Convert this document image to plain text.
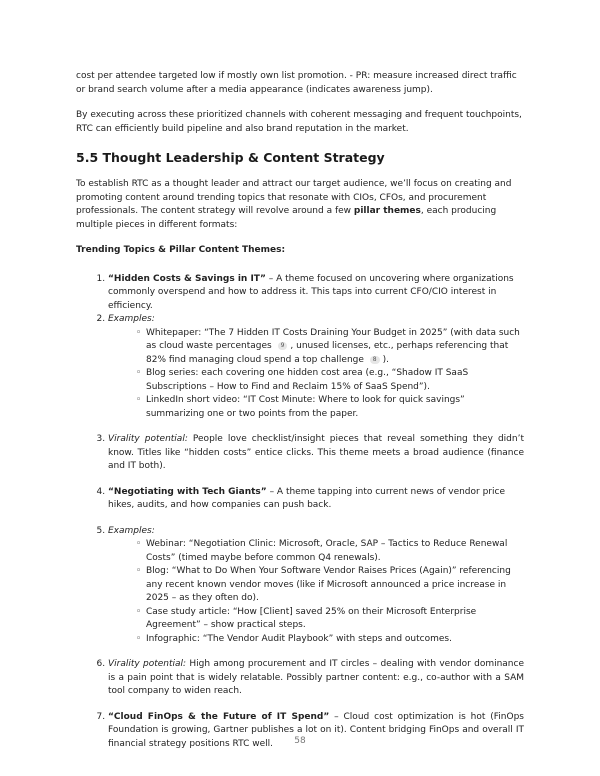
cost per attendee targeted low if mostly own list promotion. - PR: measure increased direct traffic or brand search volume after a media appearance (indicates awareness jump).

By executing across these prioritized channels with coherent messaging and frequent touchpoints, RTC can efficiently build pipeline and also brand reputation in the market.

5.5 Thought Leadership & Content Strategy

To establish RTC as a thought leader and attract our target audience, we’ll focus on creating and promoting content around trending topics that resonate with CIOs, CFOs, and procurement professionals. The content strategy will revolve around a few pillar themes, each producing multiple pieces in different formats:

Trending Topics & Pillar Content Themes:

1. “Hidden Costs & Savings in IT” – A theme focused on uncovering where organizations commonly overspend and how to address it. This taps into current CFO/CIO interest in efficiency.
2. Examples:
◦ Whitepaper: “The 7 Hidden IT Costs Draining Your Budget in 2025” (with data such as cloud waste percentages 9 , unused licenses, etc., perhaps referencing that 82% find managing cloud spend a top challenge 8 ).
◦ Blog series: each covering one hidden cost area (e.g., “Shadow IT SaaS Subscriptions – How to Find and Reclaim 15% of SaaS Spend”).
◦ LinkedIn short video: “IT Cost Minute: Where to look for quick savings” summarizing one or two points from the paper.
3. Virality potential: People love checklist/insight pieces that reveal something they didn’t know. Titles like “hidden costs” entice clicks. This theme meets a broad audience (finance and IT both).
4. “Negotiating with Tech Giants” – A theme tapping into current news of vendor price hikes, audits, and how companies can push back.
5. Examples:
◦ Webinar: “Negotiation Clinic: Microsoft, Oracle, SAP – Tactics to Reduce Renewal Costs” (timed maybe before common Q4 renewals).
◦ Blog: “What to Do When Your Software Vendor Raises Prices (Again)” referencing any recent known vendor moves (like if Microsoft announced a price increase in 2025 – as they often do).
◦ Case study article: “How [Client] saved 25% on their Microsoft Enterprise Agreement” – show practical steps.
◦ Infographic: “The Vendor Audit Playbook” with steps and outcomes.
6. Virality potential: High among procurement and IT circles – dealing with vendor dominance is a pain point that is widely relatable. Possibly partner content: e.g., co-author with a SAM tool company to widen reach.
7. “Cloud FinOps & the Future of IT Spend” – Cloud cost optimization is hot (FinOps Foundation is growing, Gartner publishes a lot on it). Content bridging FinOps and overall IT financial strategy positions RTC well.	58
